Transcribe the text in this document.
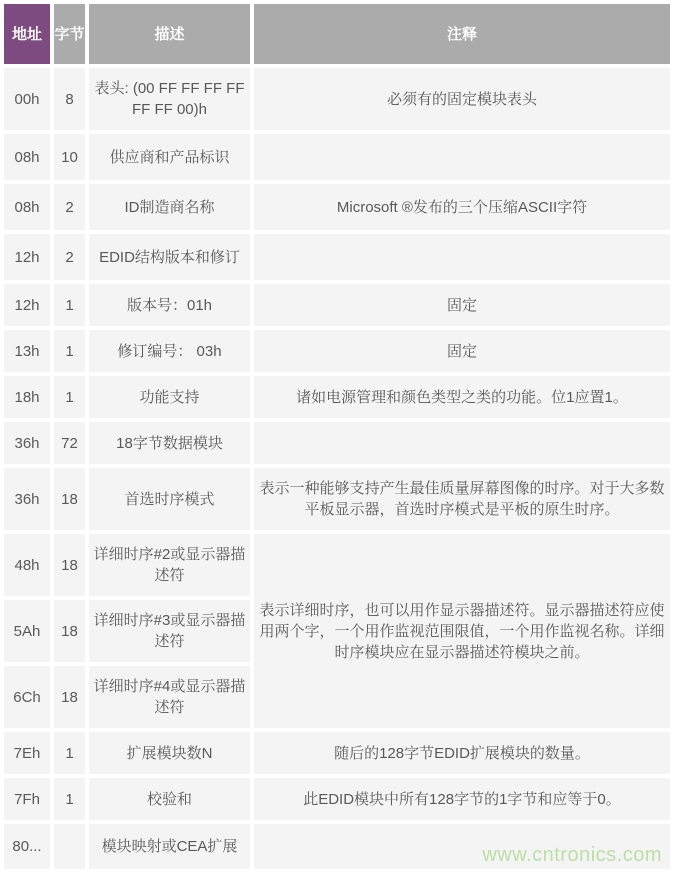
地址	字节	描述	注释
00h	8	表头: (00 FF FF FF FF FF FF 00)h	必须有的固定模块表头
08h	10	供应商和产品标识	
08h	2	ID制造商名称	Microsoft ®发布的三个压缩ASCII字符
12h	2	EDID结构版本和修订	
12h	1	版本号：01h	固定
13h	1	修订编号： 03h	固定
18h	1	功能支持	诸如电源管理和颜色类型之类的功能。位1应置1。
36h	72	18字节数据模块	
36h	18	首选时序模式	表示一种能够支持产生最佳质量屏幕图像的时序。对于大多数平板显示器，首选时序模式是平板的原生时序。
48h	18	详细时序#2或显示器描述符	表示详细时序，也可以用作显示器描述符。显示器描述符应使用两个字，一个用作监视范围限值，一个用作监视名称。详细时序模块应在显示器描述符模块之前。
5Ah	18	详细时序#3或显示器描述符	
6Ch	18	详细时序#4或显示器描述符	
7Eh	1	扩展模块数N	随后的128字节EDID扩展模块的数量。
7Fh	1	校验和	此EDID模块中所有128字节的1字节和应等于0。
80...		模块映射或CEA扩展		www.cntronics.com
